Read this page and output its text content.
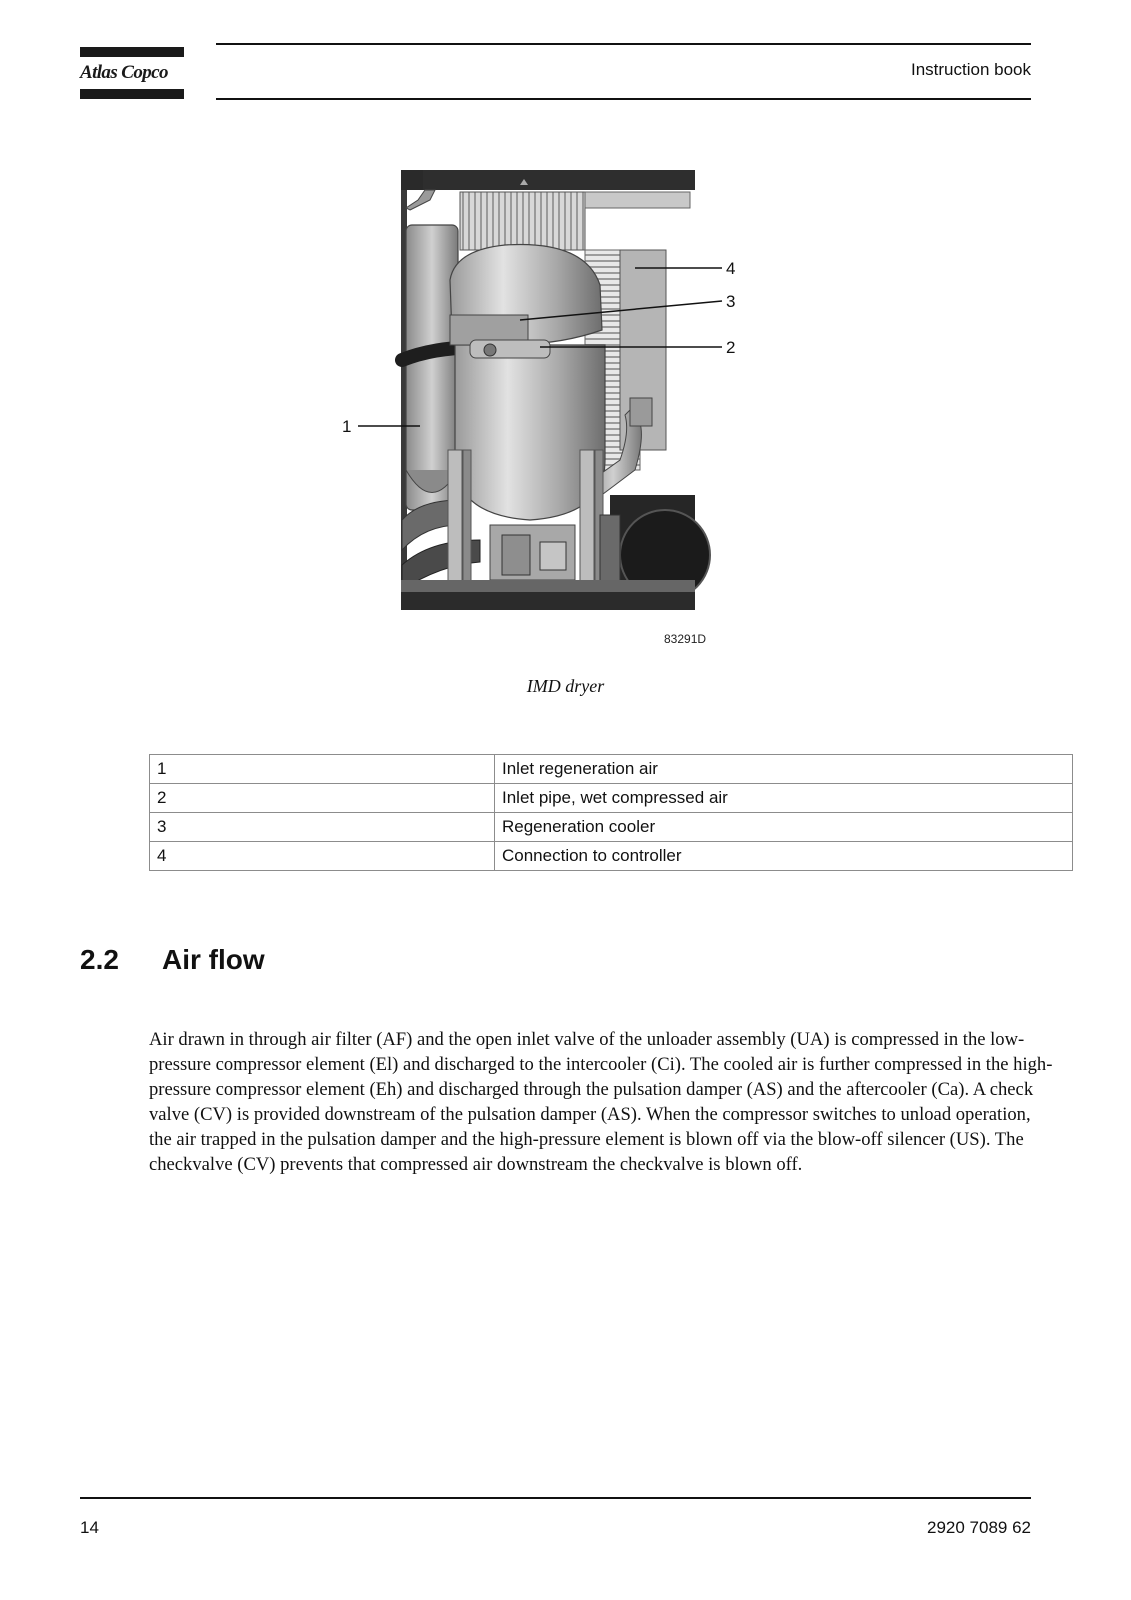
Atlas Copco	Instruction book
1
4
3
2
83291D
IMD dryer
1	Inlet regeneration air
2	Inlet pipe, wet compressed air
3	Regeneration cooler
4	Connection to controller
2.2 Air flow
Air drawn in through air filter (AF) and the open inlet valve of the unloader assembly (UA) is compressed in the low-pressure compressor element (El) and discharged to the intercooler (Ci). The cooled air is further compressed in the high-pressure compressor element (Eh) and discharged through the pulsation damper (AS) and the aftercooler (Ca). A check valve (CV) is provided downstream of the pulsation damper (AS). When the compressor switches to unload operation, the air trapped in the pulsation damper and the high-pressure element is blown off via the blow-off silencer (US). The checkvalve (CV) prevents that compressed air downstream the checkvalve is blown off.
14	2920 7089 62
